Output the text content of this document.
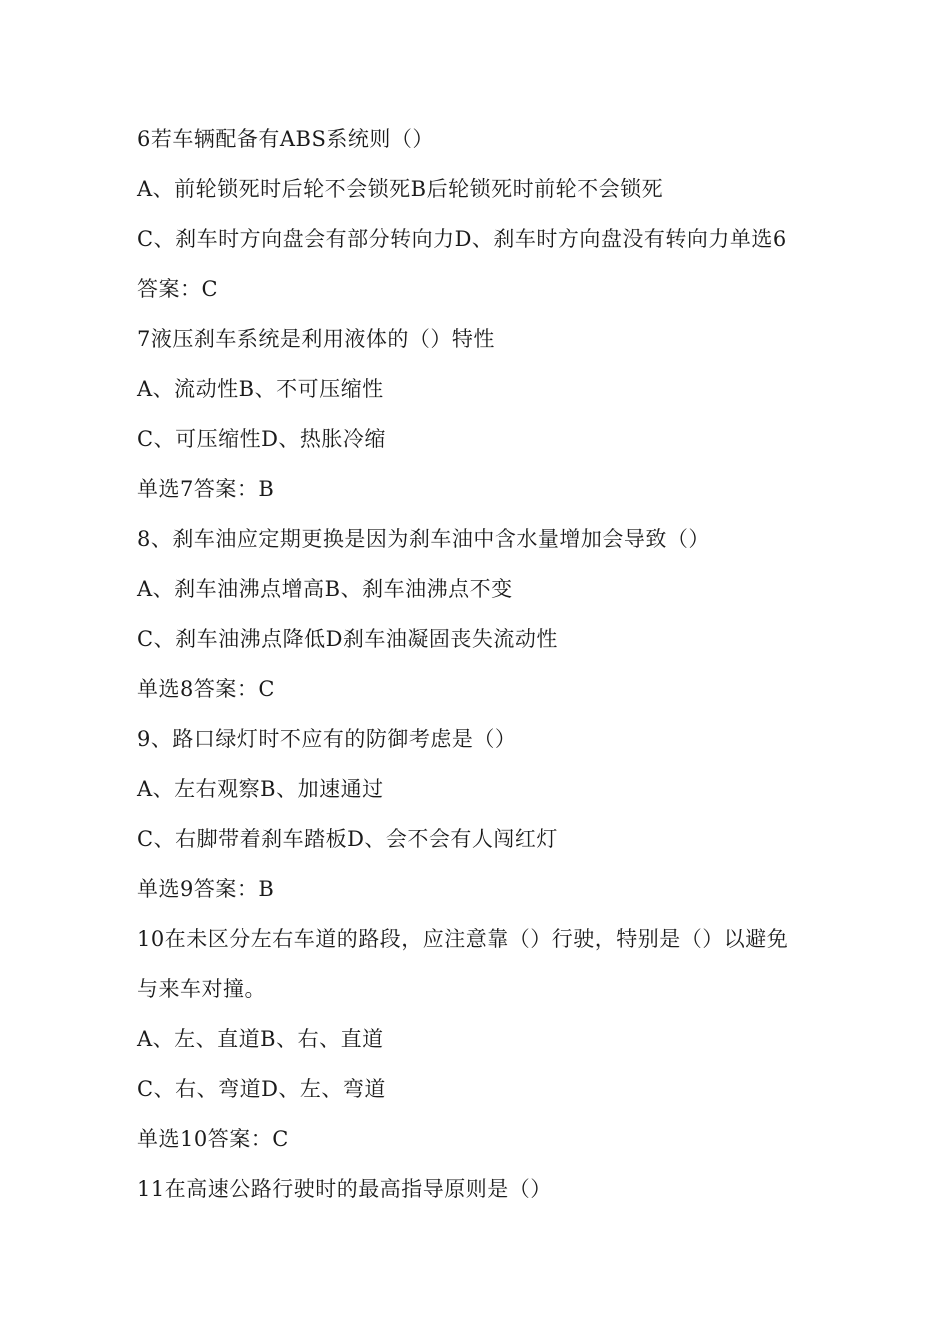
6若车辆配备有ABS系统则（）
A、前轮锁死时后轮不会锁死B后轮锁死时前轮不会锁死
C、刹车时方向盘会有部分转向力D、刹车时方向盘没有转向力单选6
答案：C
7液压刹车系统是利用液体的（）特性
A、流动性B、不可压缩性
C、可压缩性D、热胀冷缩
单选7答案：B
8、刹车油应定期更换是因为刹车油中含水量增加会导致（）
A、刹车油沸点增高B、刹车油沸点不变
C、刹车油沸点降低D刹车油凝固丧失流动性
单选8答案：C
9、路口绿灯时不应有的防御考虑是（）
A、左右观察B、加速通过
C、右脚带着刹车踏板D、会不会有人闯红灯
单选9答案：B
10在未区分左右车道的路段，应注意靠（）行驶，特别是（）以避免
与来车对撞。
A、左、直道B、右、直道
C、右、弯道D、左、弯道
单选10答案：C
11在高速公路行驶时的最高指导原则是（）
